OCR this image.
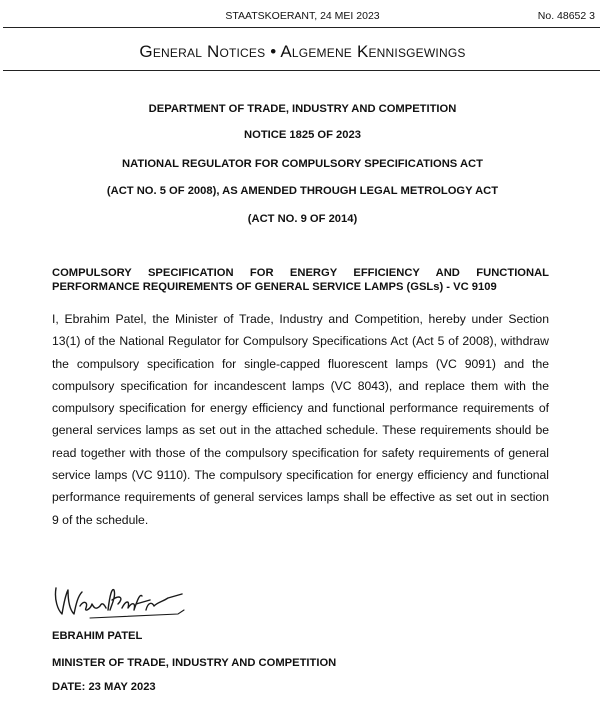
STAATSKOERANT, 24 MEI 2023	No. 48652 3
General Notices • Algemene Kennisgewings
DEPARTMENT OF TRADE, INDUSTRY AND COMPETITION
NOTICE 1825 OF 2023
NATIONAL REGULATOR FOR COMPULSORY SPECIFICATIONS ACT
(ACT NO. 5 OF 2008), AS AMENDED THROUGH LEGAL METROLOGY ACT
(ACT NO. 9 OF 2014)
COMPULSORY SPECIFICATION FOR ENERGY EFFICIENCY AND FUNCTIONAL PERFORMANCE REQUIREMENTS OF GENERAL SERVICE LAMPS (GSLs) - VC 9109
I, Ebrahim Patel, the Minister of Trade, Industry and Competition, hereby under Section 13(1) of the National Regulator for Compulsory Specifications Act (Act 5 of 2008), withdraw the compulsory specification for single-capped fluorescent lamps (VC 9091) and the compulsory specification for incandescent lamps (VC 8043), and replace them with the compulsory specification for energy efficiency and functional performance requirements of general services lamps as set out in the attached schedule. These requirements should be read together with those of the compulsory specification for safety requirements of general service lamps (VC 9110). The compulsory specification for energy efficiency and functional performance requirements of general services lamps shall be effective as set out in section 9 of the schedule.
EBRAHIM PATEL
MINISTER OF TRADE, INDUSTRY AND COMPETITION
DATE: 23 MAY 2023
